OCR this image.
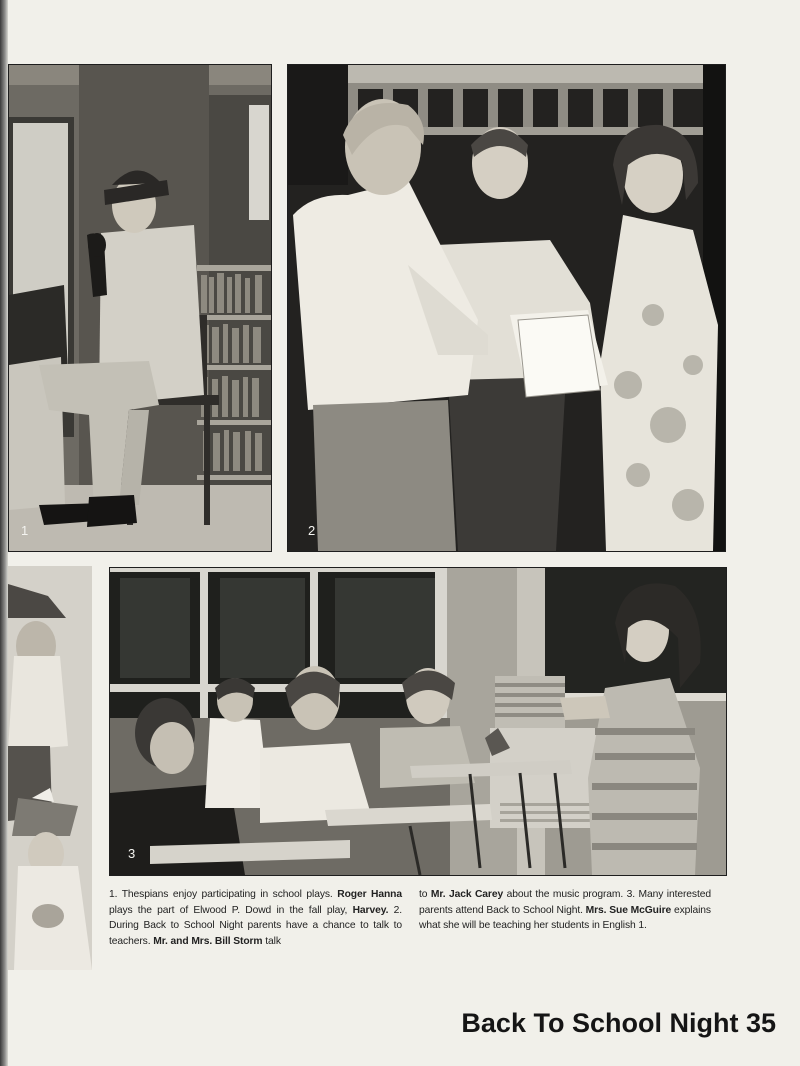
1	2
3
1. Thespians enjoy participating in school plays. Roger Hanna plays the part of Elwood P. Dowd in the fall play, Harvey. 2. During Back to School Night parents have a chance to talk to teachers. Mr. and Mrs. Bill Storm talk
to Mr. Jack Carey about the music program. 3. Many interested parents attend Back to School Night. Mrs. Sue McGuire explains what she will be teaching her students in English 1.
Back To School Night 35
